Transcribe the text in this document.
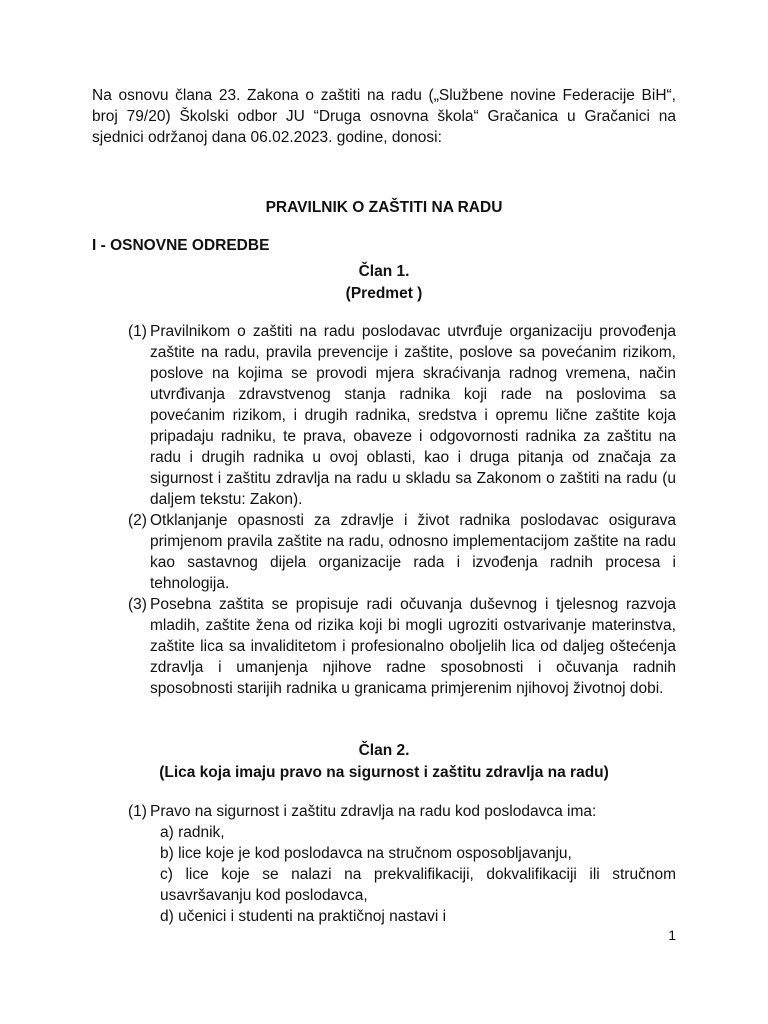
Na osnovu člana 23. Zakona o zaštiti na radu („Službene novine Federacije BiH“,
broj 79/20) Školski odbor JU “Druga osnovna škola“ Gračanica u Gračanici na
sjednici održanoj dana 06.02.2023. godine, donosi:
PRAVILNIK O ZAŠTITI NA RADU
I - OSNOVNE ODREDBE
Član 1.
(Predmet )
(1) Pravilnikom o zaštiti na radu poslodavac utvrđuje organizaciju provođenja zaštite na radu, pravila prevencije i zaštite, poslove sa povećanim rizikom, poslove na kojima se provodi mjera skraćivanja radnog vremena, način utvrđivanja zdravstvenog stanja radnika koji rade na poslovima sa povećanim rizikom, i drugih radnika, sredstva i opremu lične zaštite koja pripadaju radniku, te prava, obaveze i odgovornosti radnika za zaštitu na radu i drugih radnika u ovoj oblasti, kao i druga pitanja od značaja za sigurnost i zaštitu zdravlja na radu u skladu sa Zakonom o zaštiti na radu (u daljem tekstu: Zakon).
(2) Otklanjanje opasnosti za zdravlje i život radnika poslodavac osigurava primjenom pravila zaštite na radu, odnosno implementacijom zaštite na radu kao sastavnog dijela organizacije rada i izvođenja radnih procesa i tehnologija.
(3) Posebna zaštita se propisuje radi očuvanja duševnog i tjelesnog razvoja mladih, zaštite žena od rizika koji bi mogli ugroziti ostvarivanje materinstva, zaštite lica sa invaliditetom i profesionalno oboljelih lica od daljeg oštećenja zdravlja i umanjenja njihove radne sposobnosti i očuvanja radnih sposobnosti starijih radnika u granicama primjerenim njihovoj životnoj dobi.
Član 2.
(Lica koja imaju pravo na sigurnost i zaštitu zdravlja na radu)
(1) Pravo na sigurnost i zaštitu zdravlja na radu kod poslodavca ima:
a) radnik,
b) lice koje je kod poslodavca na stručnom osposobljavanju,
c) lice koje se nalazi na prekvalifikaciji, dokvalifikaciji ili stručnom usavršavanju kod poslodavca,
d) učenici i studenti na praktičnoj nastavi i
1
